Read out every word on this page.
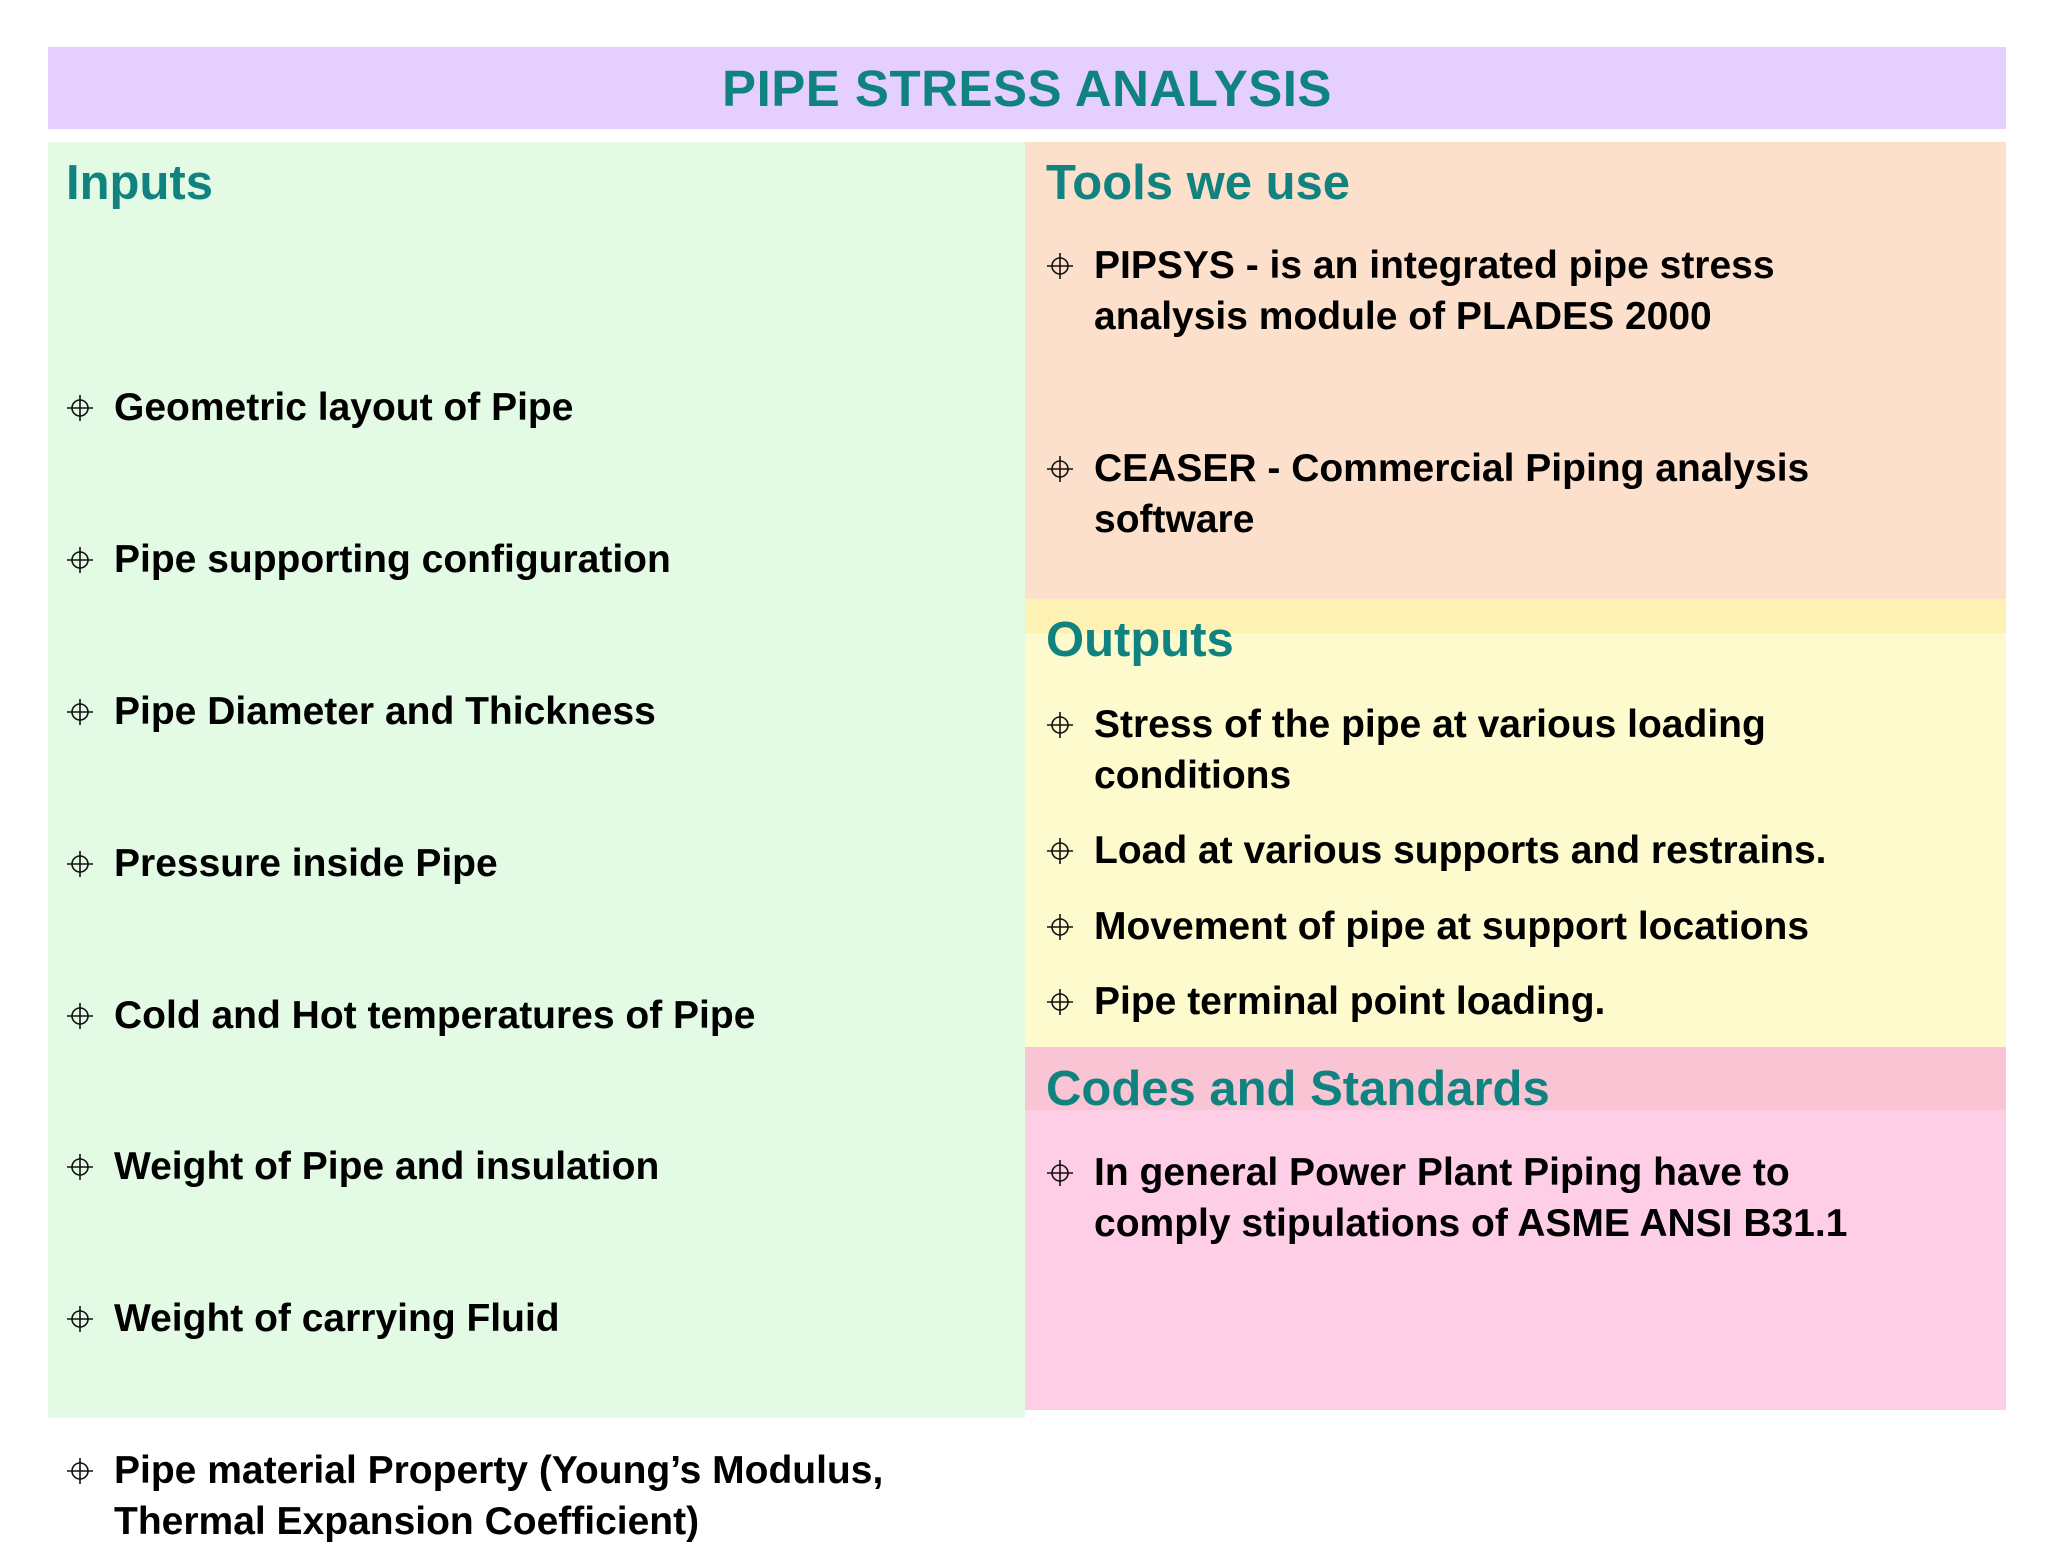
PIPE STRESS ANALYSIS
Inputs
Geometric layout of Pipe
Pipe supporting configuration
Pipe Diameter and Thickness
Pressure inside Pipe
Cold and Hot temperatures of Pipe
Weight of Pipe and insulation
Weight of carrying Fluid
Pipe material Property (Young’s Modulus,
Thermal Expansion Coefficient)
Tools we use
PIPSYS - is an integrated pipe stress
analysis module of PLADES 2000
CEASER - Commercial Piping analysis
software
Outputs
Stress of the pipe at various loading
conditions
Load at various supports and restrains.
Movement of pipe at support locations
Pipe terminal point loading.
Codes and Standards
In general Power Plant Piping have to
comply stipulations of ASME ANSI B31.1
